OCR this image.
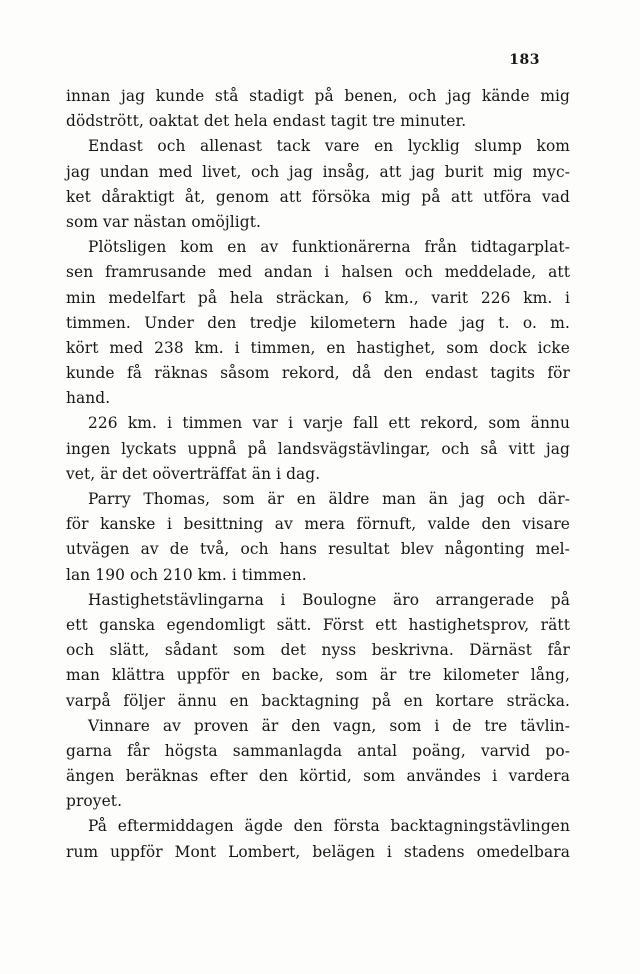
183
innan jag kunde stå stadigt på benen, och jag kände mig
dödstrött, oaktat det hela endast tagit tre minuter.
Endast och allenast tack vare en lycklig slump kom
jag undan med livet, och jag insåg, att jag burit mig myc-
ket dåraktigt åt, genom att försöka mig på att utföra vad
som var nästan omöjligt.
Plötsligen kom en av funktionärerna från tidtagarplat-
sen framrusande med andan i halsen och meddelade, att
min medelfart på hela sträckan, 6 km., varit 226 km. i
timmen. Under den tredje kilometern hade jag t. o. m.
kört med 238 km. i timmen, en hastighet, som dock icke
kunde få räknas såsom rekord, då den endast tagits för
hand.
226 km. i timmen var i varje fall ett rekord, som ännu
ingen lyckats uppnå på landsvägstävlingar, och så vitt jag
vet, är det oöverträffat än i dag.
Parry Thomas, som är en äldre man än jag och där-
för kanske i besittning av mera förnuft, valde den visare
utvägen av de två, och hans resultat blev någonting mel-
lan 190 och 210 km. i timmen.
Hastighetstävlingarna i Boulogne äro arrangerade på
ett ganska egendomligt sätt. Först ett hastighetsprov, rätt
och slätt, sådant som det nyss beskrivna. Därnäst får
man klättra uppför en backe, som är tre kilometer lång,
varpå följer ännu en backtagning på en kortare sträcka.
Vinnare av proven är den vagn, som i de tre tävlin-
garna får högsta sammanlagda antal poäng, varvid po-
ängen beräknas efter den körtid, som användes i vardera
proyet.
På eftermiddagen ägde den första backtagningstävlingen
rum uppför Mont Lombert, belägen i stadens omedelbara
